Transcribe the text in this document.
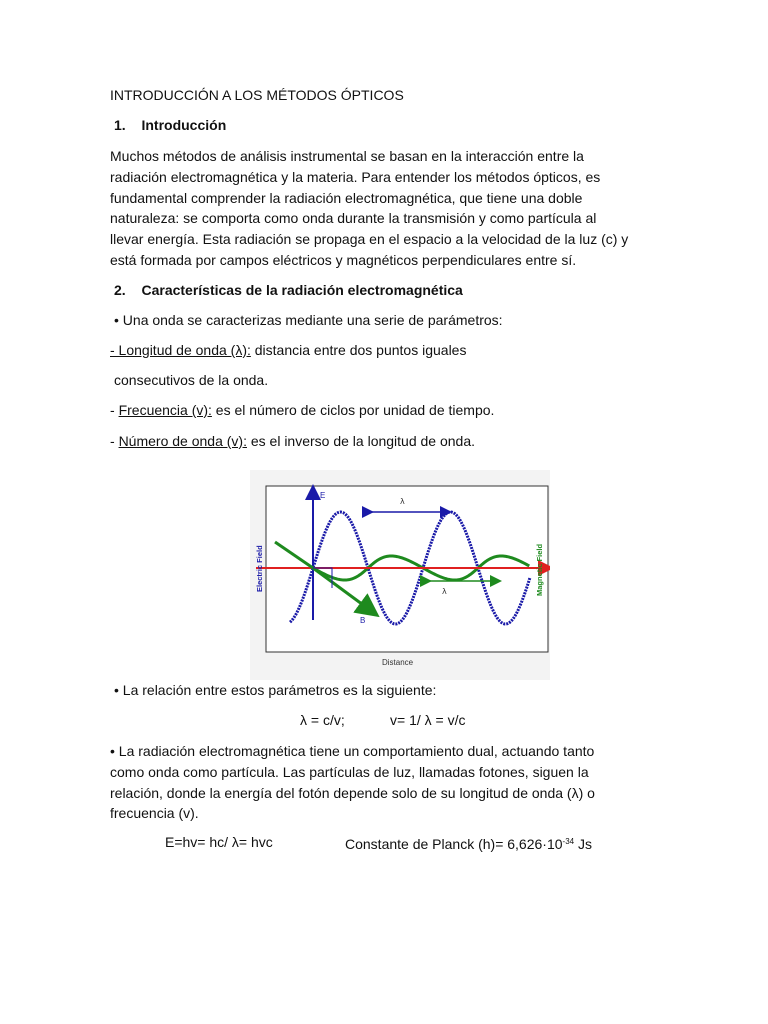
INTRODUCCIÓN A LOS MÉTODOS ÓPTICOS
1. Introducción
Muchos métodos de análisis instrumental se basan en la interacción entre la
radiación electromagnética y la materia. Para entender los métodos ópticos, es
fundamental comprender la radiación electromagnética, que tiene una doble
naturaleza: se comporta como onda durante la transmisión y como partícula al
llevar energía. Esta radiación se propaga en el espacio a la velocidad de la luz (c) y
está formada por campos eléctricos y magnéticos perpendiculares entre sí.
2. Características de la radiación electromagnética
• Una onda se caracterizas mediante una serie de parámetros:
- Longitud de onda (λ): distancia entre dos puntos iguales
consecutivos de la onda.
- Frecuencia (v): es el número de ciclos por unidad de tiempo.
- Número de onda (v): es el inverso de la longitud de onda.
E
B
λ
λ
Electric Field	Magnetic Field
Distance
• La relación entre estos parámetros es la siguiente:
λ = c/v;	v= 1/ λ = v/c
• La radiación electromagnética tiene un comportamiento dual, actuando tanto
como onda como partícula. Las partículas de luz, llamadas fotones, siguen la
relación, donde la energía del fotón depende solo de su longitud de onda (λ) o
frecuencia (v).
E=hv= hc/ λ= hvc	Constante de Planck $(h)= 6,626\cdot 10^{-34}$ Js
